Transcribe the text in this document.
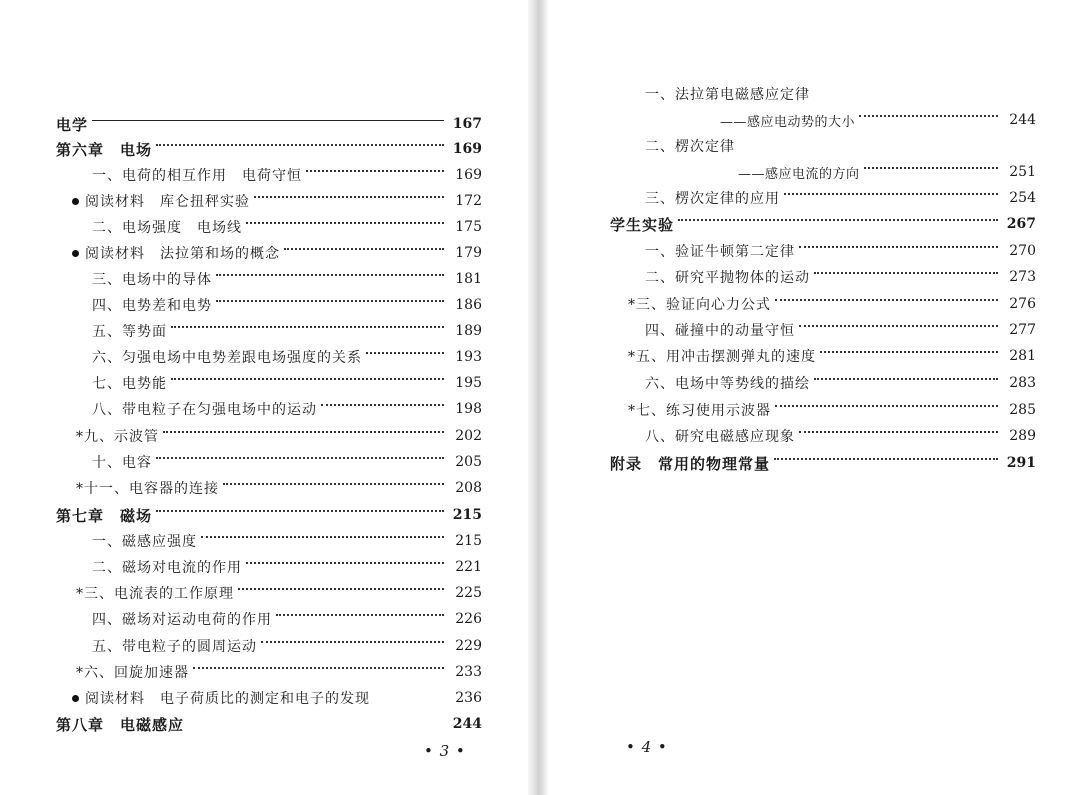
电学	167
第六章　电场	169
一、电荷的相互作用　电荷守恒	169
阅读材料　库仑扭秤实验	172
二、电场强度　电场线	175
阅读材料　法拉第和场的概念	179
三、电场中的导体	181
四、电势差和电势	186
五、等势面	189
六、匀强电场中电势差跟电场强度的关系	193
七、电势能	195
八、带电粒子在匀强电场中的运动	198
*九、示波管	202
十、电容	205
*十一、电容器的连接	208
第七章　磁场	215
一、磁感应强度	215
二、磁场对电流的作用	221
*三、电流表的工作原理	225
四、磁场对运动电荷的作用	226
五、带电粒子的圆周运动	229
*六、回旋加速器	233
阅读材料　电子荷质比的测定和电子的发现	236
第八章　电磁感应	244
• 3 •
一、法拉第电磁感应定律
——感应电动势的大小	244
二、楞次定律
——感应电流的方向	251
三、楞次定律的应用	254
学生实验	267
一、验证牛顿第二定律	270
二、研究平抛物体的运动	273
*三、验证向心力公式	276
四、碰撞中的动量守恒	277
*五、用冲击摆测弹丸的速度	281
六、电场中等势线的描绘	283
*七、练习使用示波器	285
八、研究电磁感应现象	289
附录　常用的物理常量	291
• 4 •
